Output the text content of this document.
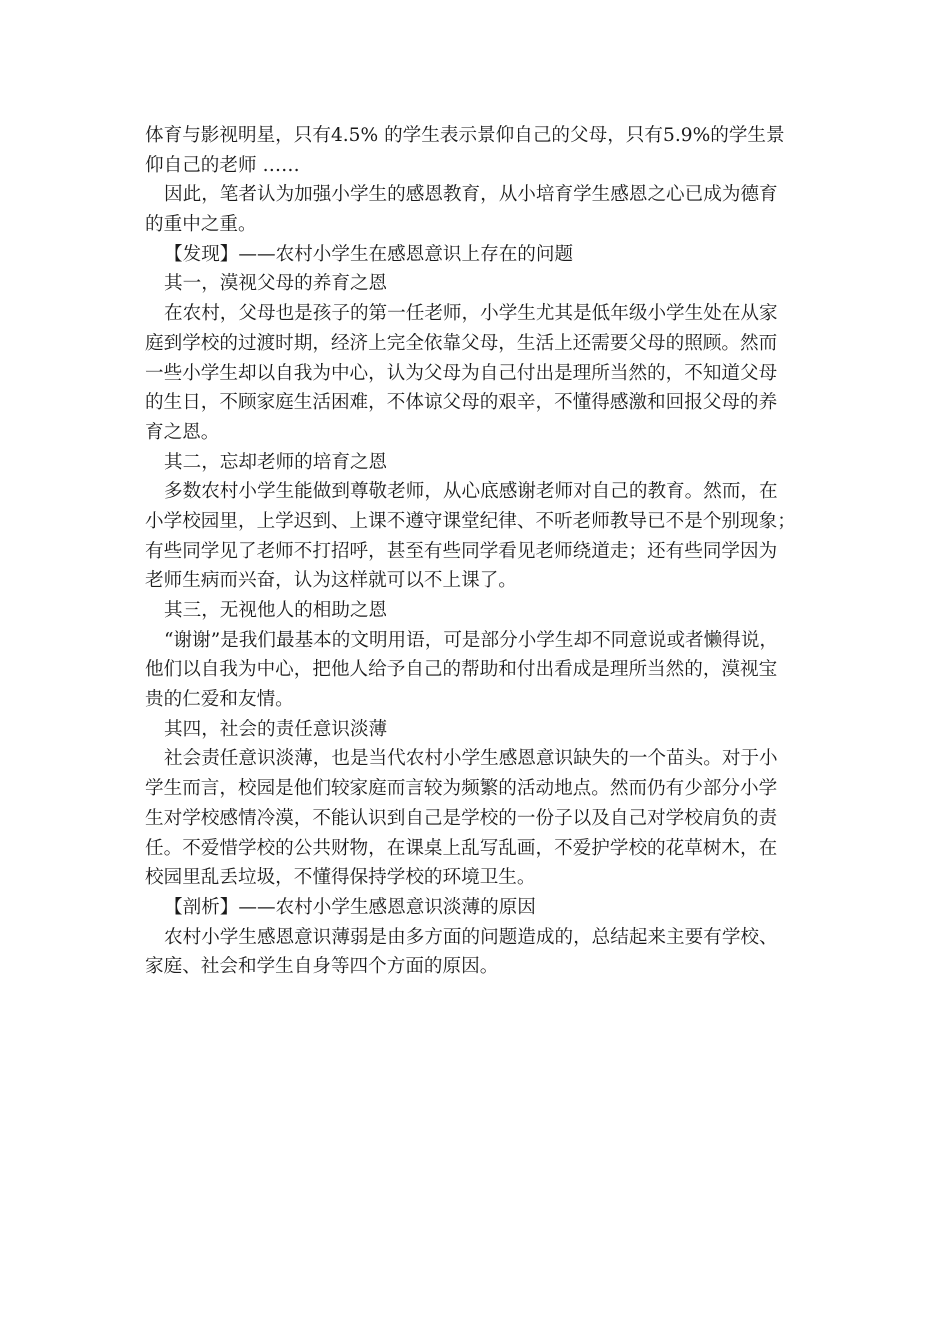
体育与影视明星，只有4.5% 的学生表示景仰自己的父母，只有5.9%的学生景
仰自己的老师 ……
因此，笔者认为加强小学生的感恩教育，从小培育学生感恩之心已成为德育
的重中之重。
【发现】——农村小学生在感恩意识上存在的问题
其一，漠视父母的养育之恩
在农村，父母也是孩子的第一任老师，小学生尤其是低年级小学生处在从家
庭到学校的过渡时期，经济上完全依靠父母，生活上还需要父母的照顾。然而
一些小学生却以自我为中心，认为父母为自己付出是理所当然的，不知道父母
的生日，不顾家庭生活困难，不体谅父母的艰辛，不懂得感激和回报父母的养
育之恩。
其二，忘却老师的培育之恩
多数农村小学生能做到尊敬老师，从心底感谢老师对自己的教育。然而，在
小学校园里，上学迟到、上课不遵守课堂纪律、不听老师教导已不是个别现象；
有些同学见了老师不打招呼，甚至有些同学看见老师绕道走；还有些同学因为
老师生病而兴奋，认为这样就可以不上课了。
其三，无视他人的相助之恩
“谢谢”是我们最基本的文明用语，可是部分小学生却不同意说或者懒得说，
他们以自我为中心，把他人给予自己的帮助和付出看成是理所当然的，漠视宝
贵的仁爱和友情。
其四，社会的责任意识淡薄
社会责任意识淡薄，也是当代农村小学生感恩意识缺失的一个苗头。对于小
学生而言，校园是他们较家庭而言较为频繁的活动地点。然而仍有少部分小学
生对学校感情冷漠，不能认识到自己是学校的一份子以及自己对学校肩负的责
任。不爱惜学校的公共财物，在课桌上乱写乱画，不爱护学校的花草树木，在
校园里乱丢垃圾，不懂得保持学校的环境卫生。
【剖析】——农村小学生感恩意识淡薄的原因
农村小学生感恩意识薄弱是由多方面的问题造成的，总结起来主要有学校、
家庭、社会和学生自身等四个方面的原因。
